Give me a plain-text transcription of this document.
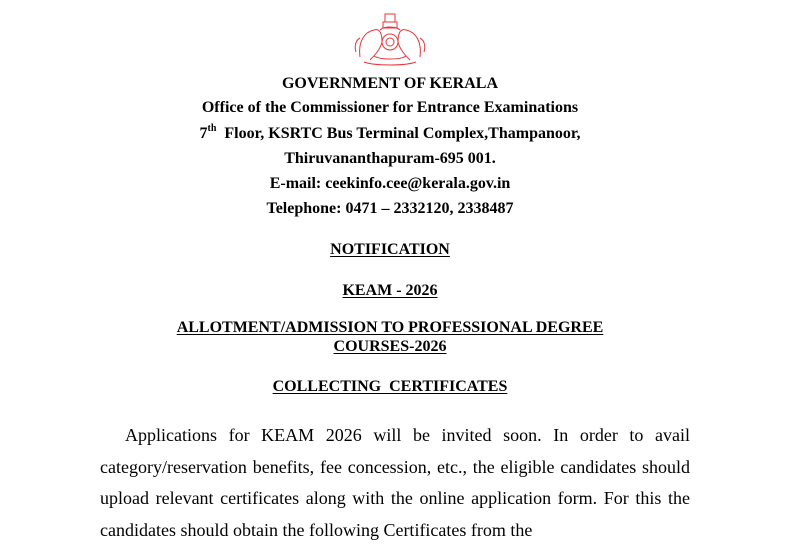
GOVERNMENT OF KERALA
Office of the Commissioner for Entrance Examinations
7th Floor, KSRTC Bus Terminal Complex,Thampanoor,
Thiruvananthapuram-695 001.
E-mail: ceekinfo.cee@kerala.gov.in
Telephone: 0471 – 2332120, 2338487
NOTIFICATION
KEAM - 2026
ALLOTMENT/ADMISSION TO PROFESSIONAL DEGREE
COURSES-2026
COLLECTING  CERTIFICATES
Applications for KEAM 2026 will be invited soon. In order to avail category/reservation benefits, fee concession, etc., the eligible candidates should upload relevant certificates along with the online application form. For this the candidates should obtain the following Certificates from the
